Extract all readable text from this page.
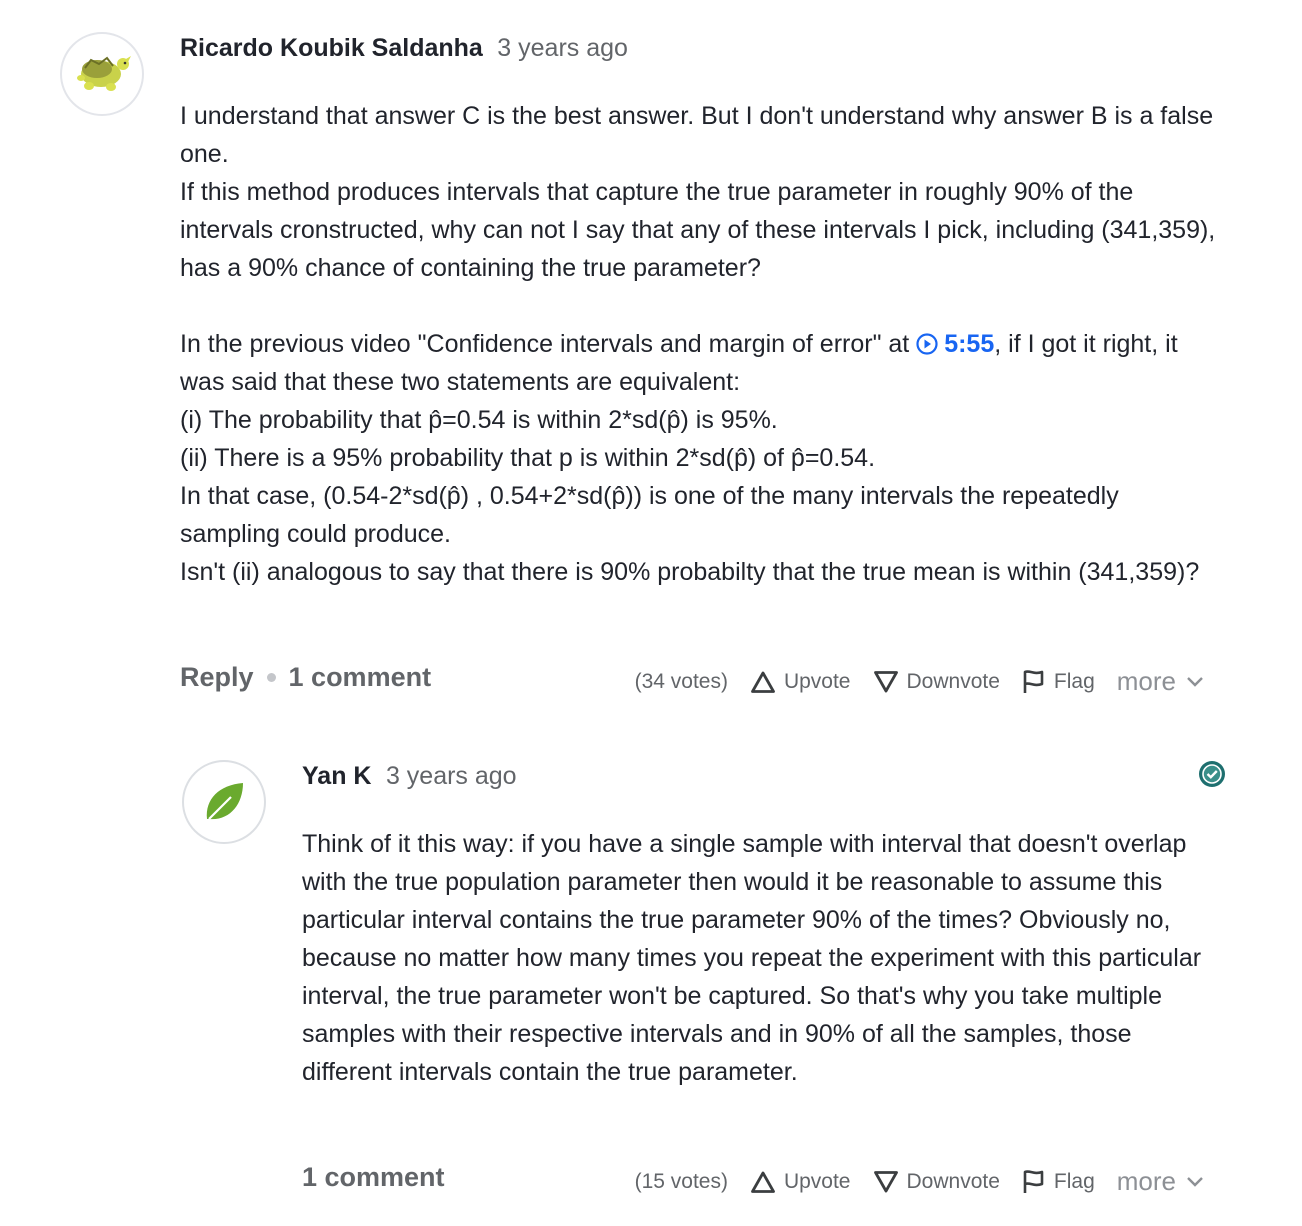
Ricardo Koubik Saldanha 3 years ago

I understand that answer C is the best answer. But I don't understand why answer B is a false one.

If this method produces intervals that capture the true parameter in roughly 90% of the intervals cronstructed, why can not I say that any of these intervals I pick, including (341,359), has a 90% chance of containing the true parameter?

In the previous video "Confidence intervals and margin of error" at 5:55, if I got it right, it was said that these two statements are equivalent:

(i) The probability that p̂=0.54 is within 2*sd(p̂) is 95%.

(ii) There is a 95% probability that p is within 2*sd(p̂) of p̂=0.54.

In that case, (0.54-2*sd(p̂) , 0.54+2*sd(p̂)) is one of the many intervals the repeatedly sampling could produce.

Isn't (ii) analogous to say that there is 90% probabilty that the true mean is within (341,359)?

Reply 1 comment	(34 votes)	Upvote	Downvote	Flag more
Yan K 3 years ago

Think of it this way: if you have a single sample with interval that doesn't overlap with the true population parameter then would it be reasonable to assume this particular interval contains the true parameter 90% of the times? Obviously no, because no matter how many times you repeat the experiment with this particular interval, the true parameter won't be captured. So that's why you take multiple samples with their respective intervals and in 90% of all the samples, those different intervals contain the true parameter.

1 comment	(15 votes)	Upvote	Downvote	Flag more
